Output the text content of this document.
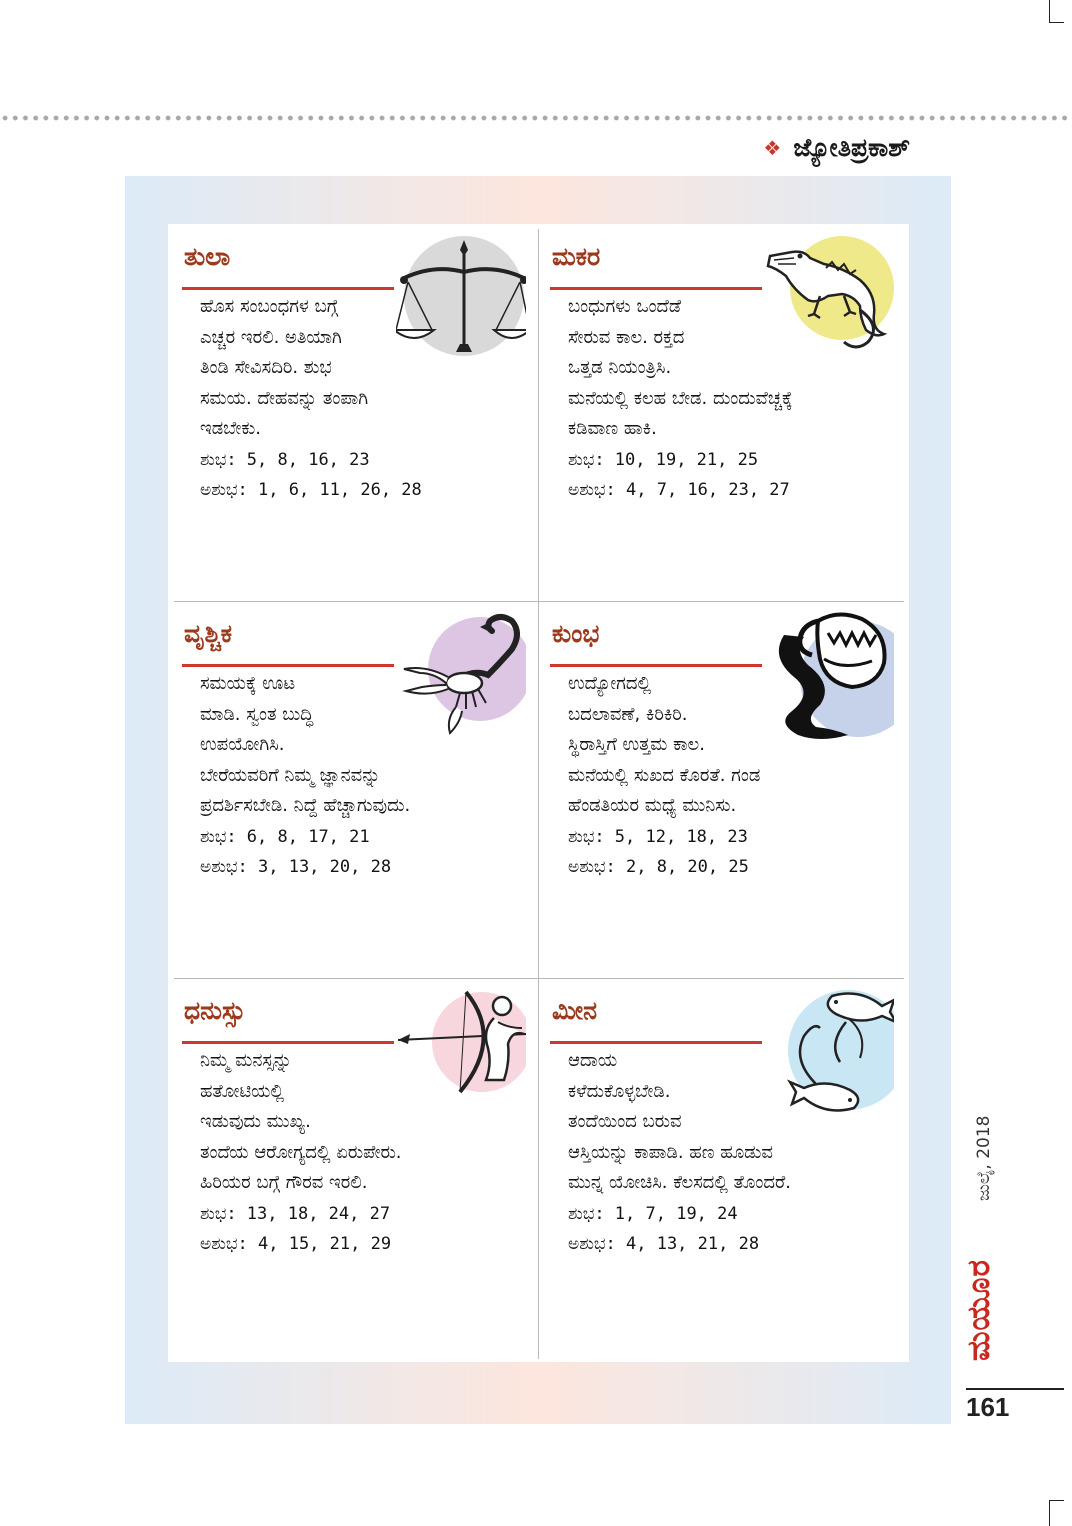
❖ ಜ್ಯೋತಿಪ್ರಕಾಶ್
ತುಲಾ
ಹೊಸ ಸಂಬಂಧಗಳ ಬಗ್ಗೆ
ಎಚ್ಚರ ಇರಲಿ. ಅತಿಯಾಗಿ
ತಿಂಡಿ ಸೇವಿಸದಿರಿ. ಶುಭ
ಸಮಯ. ದೇಹವನ್ನು ತಂಪಾಗಿ
ಇಡಬೇಕು.
ಶುಭ: 5, 8, 16, 23
ಅಶುಭ: 1, 6, 11, 26, 28
ಮಕರ
ಬಂಧುಗಳು ಒಂದೆಡೆ
ಸೇರುವ ಕಾಲ. ರಕ್ತದ
ಒತ್ತಡ ನಿಯಂತ್ರಿಸಿ.
ಮನೆಯಲ್ಲಿ ಕಲಹ ಬೇಡ. ದುಂದುವೆಚ್ಚಕ್ಕೆ
ಕಡಿವಾಣ ಹಾಕಿ.
ಶುಭ: 10, 19, 21, 25
ಅಶುಭ: 4, 7, 16, 23, 27
ವೃಶ್ಚಿಕ
ಸಮಯಕ್ಕೆ ಊಟ
ಮಾಡಿ. ಸ್ವಂತ ಬುದ್ಧಿ
ಉಪಯೋಗಿಸಿ.
ಬೇರೆಯವರಿಗೆ ನಿಮ್ಮ ಜ್ಞಾನವನ್ನು
ಪ್ರದರ್ಶಿಸಬೇಡಿ. ನಿದ್ದೆ ಹೆಚ್ಚಾಗುವುದು.
ಶುಭ: 6, 8, 17, 21
ಅಶುಭ: 3, 13, 20, 28
ಕುಂಭ
ಉದ್ಯೋಗದಲ್ಲಿ
ಬದಲಾವಣೆ, ಕಿರಿಕಿರಿ.
ಸ್ಥಿರಾಸ್ತಿಗೆ ಉತ್ತಮ ಕಾಲ.
ಮನೆಯಲ್ಲಿ ಸುಖದ ಕೊರತೆ. ಗಂಡ
ಹೆಂಡತಿಯರ ಮಧ್ಯೆ ಮುನಿಸು.
ಶುಭ: 5, 12, 18, 23
ಅಶುಭ: 2, 8, 20, 25
ಧನುಸ್ಸು
ನಿಮ್ಮ ಮನಸ್ಸನ್ನು
ಹತೋಟಿಯಲ್ಲಿ
ಇಡುವುದು ಮುಖ್ಯ.
ತಂದೆಯ ಆರೋಗ್ಯದಲ್ಲಿ ಏರುಪೇರು.
ಹಿರಿಯರ ಬಗ್ಗೆ ಗೌರವ ಇರಲಿ.
ಶುಭ: 13, 18, 24, 27
ಅಶುಭ: 4, 15, 21, 29
ಮೀನ
ಆದಾಯ
ಕಳೆದುಕೊಳ್ಳಬೇಡಿ.
ತಂದೆಯಿಂದ ಬರುವ
ಆಸ್ತಿಯನ್ನು ಕಾಪಾಡಿ. ಹಣ ಹೂಡುವ
ಮುನ್ನ ಯೋಚಿಸಿ. ಕೆಲಸದಲ್ಲಿ ತೊಂದರೆ.
ಶುಭ: 1, 7, 19, 24
ಅಶುಭ: 4, 13, 21, 28
ಜುಲೈ, 2018
ಮಯೂರ
161
